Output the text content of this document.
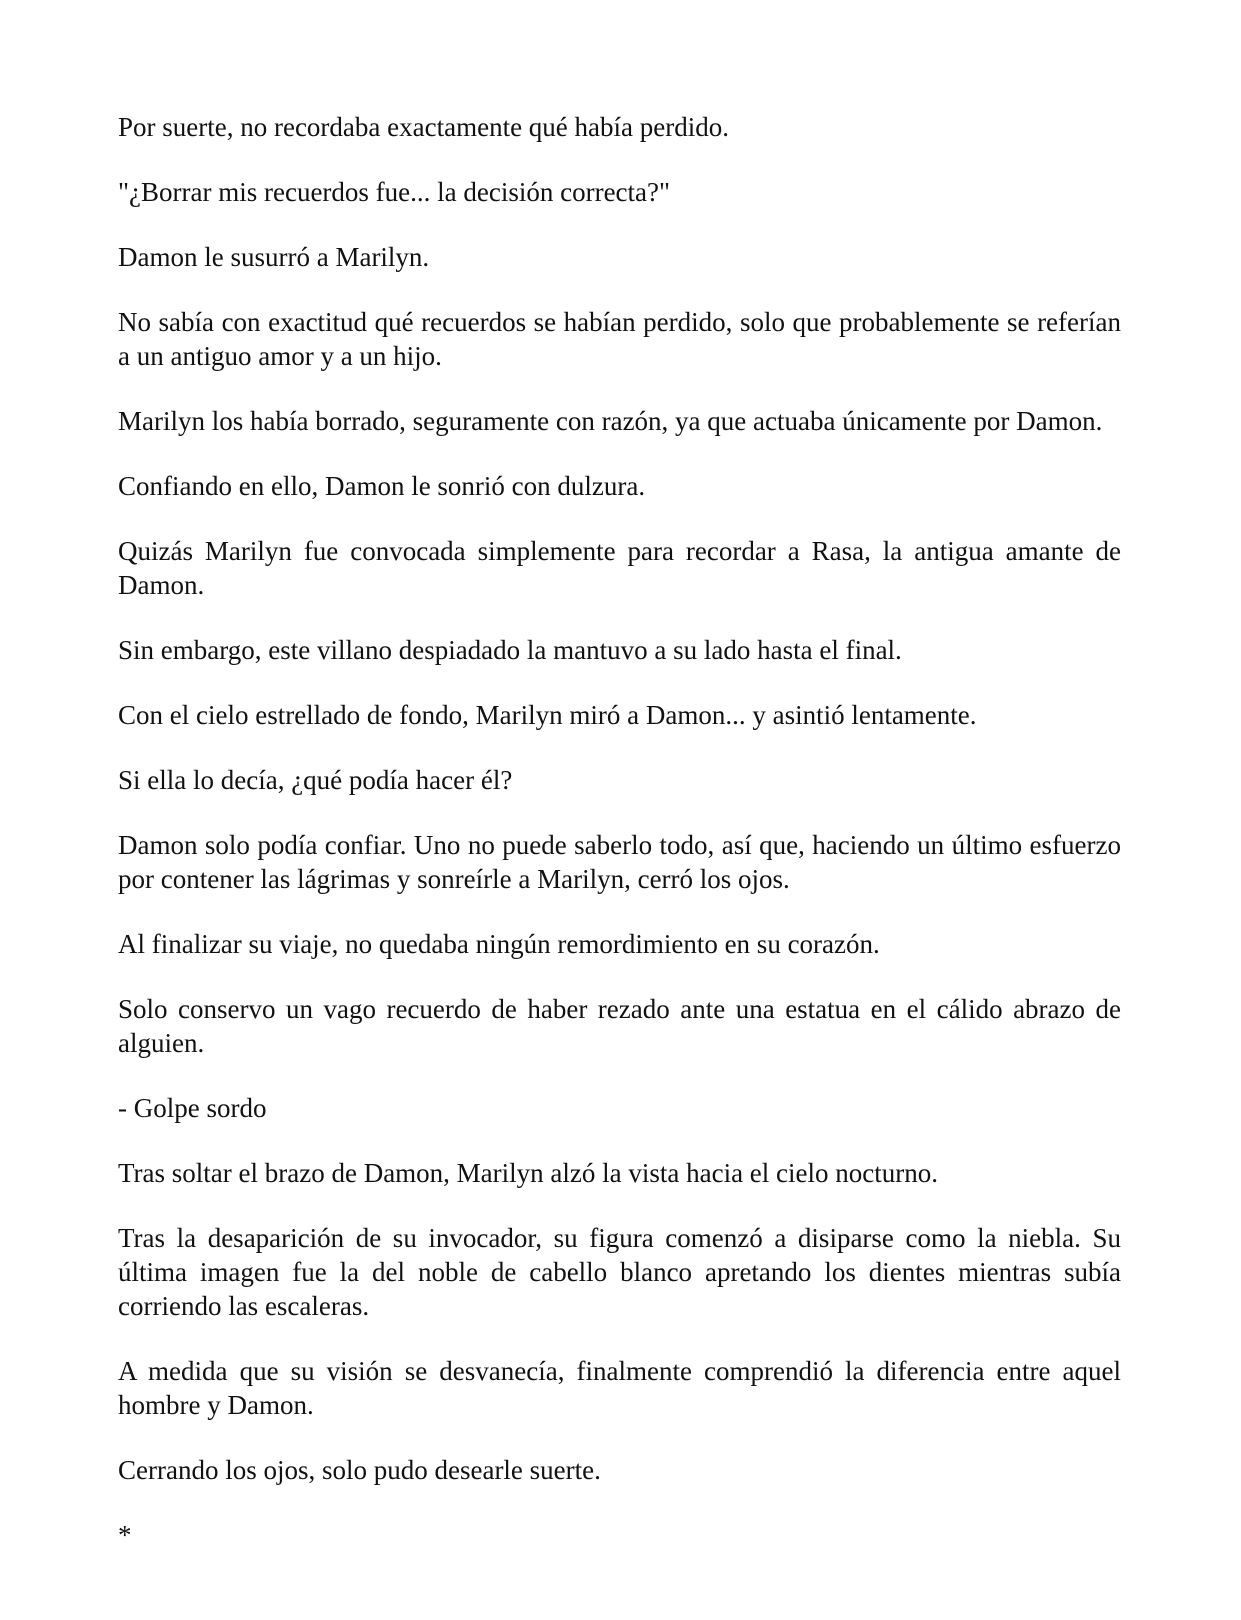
Por suerte, no recordaba exactamente qué había perdido.

"¿Borrar mis recuerdos fue... la decisión correcta?"

Damon le susurró a Marilyn.

No sabía con exactitud qué recuerdos se habían perdido, solo que probablemente se referían a un antiguo amor y a un hijo.

Marilyn los había borrado, seguramente con razón, ya que actuaba únicamente por Damon.

Confiando en ello, Damon le sonrió con dulzura.

Quizás Marilyn fue convocada simplemente para recordar a Rasa, la antigua amante de Damon.

Sin embargo, este villano despiadado la mantuvo a su lado hasta el final.

Con el cielo estrellado de fondo, Marilyn miró a Damon... y asintió lentamente.

Si ella lo decía, ¿qué podía hacer él?

Damon solo podía confiar. Uno no puede saberlo todo, así que, haciendo un último esfuerzo por contener las lágrimas y sonreírle a Marilyn, cerró los ojos.

Al finalizar su viaje, no quedaba ningún remordimiento en su corazón.

Solo conservo un vago recuerdo de haber rezado ante una estatua en el cálido abrazo de alguien.

- Golpe sordo

Tras soltar el brazo de Damon, Marilyn alzó la vista hacia el cielo nocturno.

Tras la desaparición de su invocador, su figura comenzó a disiparse como la niebla. Su última imagen fue la del noble de cabello blanco apretando los dientes mientras subía corriendo las escaleras.

A medida que su visión se desvanecía, finalmente comprendió la diferencia entre aquel hombre y Damon.

Cerrando los ojos, solo pudo desearle suerte.

*
